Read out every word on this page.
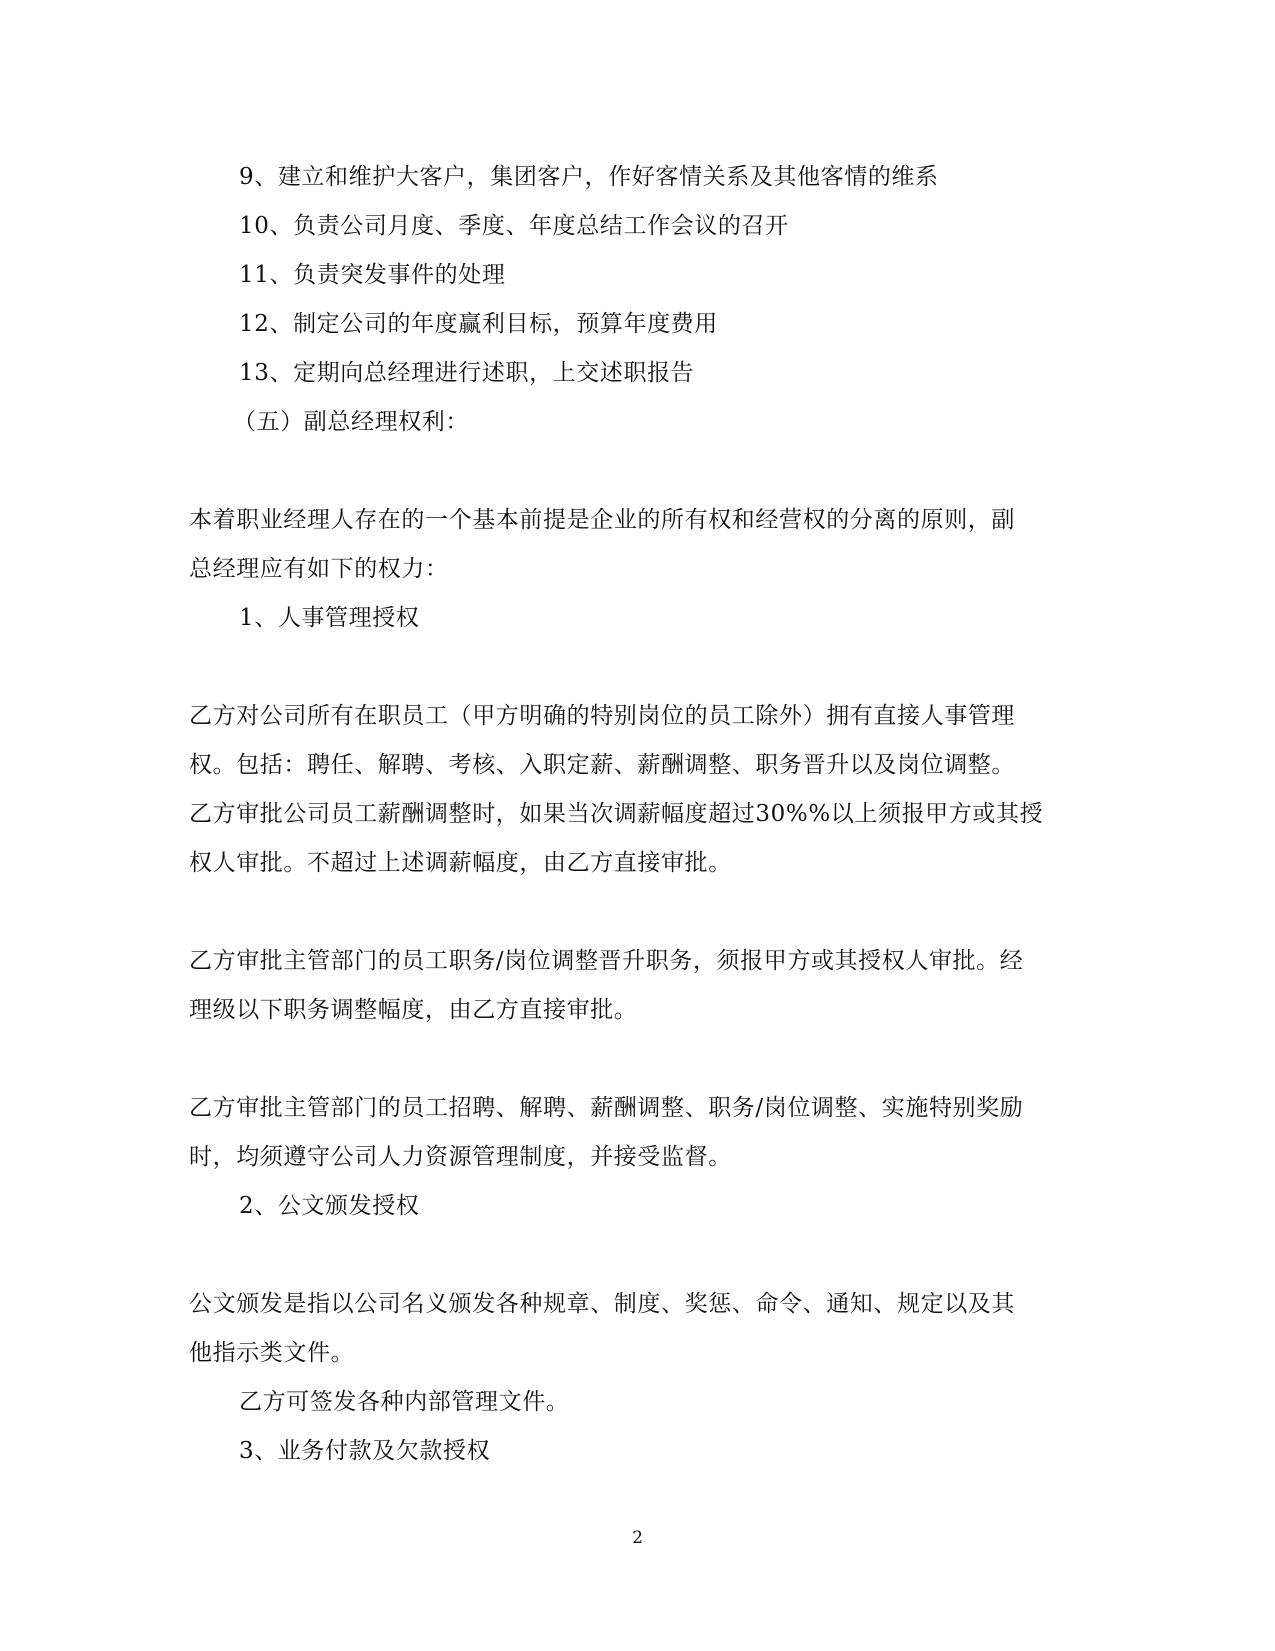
9、建立和维护大客户，集团客户，作好客情关系及其他客情的维系
10、负责公司月度、季度、年度总结工作会议的召开
11、负责突发事件的处理
12、制定公司的年度赢利目标，预算年度费用
13、定期向总经理进行述职，上交述职报告
（五）副总经理权利：
本着职业经理人存在的一个基本前提是企业的所有权和经营权的分离的原则，副
总经理应有如下的权力：
1、人事管理授权
乙方对公司所有在职员工（甲方明确的特别岗位的员工除外）拥有直接人事管理
权。包括：聘任、解聘、考核、入职定薪、薪酬调整、职务晋升以及岗位调整。
乙方审批公司员工薪酬调整时，如果当次调薪幅度超过30%%以上须报甲方或其授
权人审批。不超过上述调薪幅度，由乙方直接审批。
乙方审批主管部门的员工职务/岗位调整晋升职务，须报甲方或其授权人审批。经
理级以下职务调整幅度，由乙方直接审批。
乙方审批主管部门的员工招聘、解聘、薪酬调整、职务/岗位调整、实施特别奖励
时，均须遵守公司人力资源管理制度，并接受监督。
2、公文颁发授权
公文颁发是指以公司名义颁发各种规章、制度、奖惩、命令、通知、规定以及其
他指示类文件。
乙方可签发各种内部管理文件。
3、业务付款及欠款授权
2
